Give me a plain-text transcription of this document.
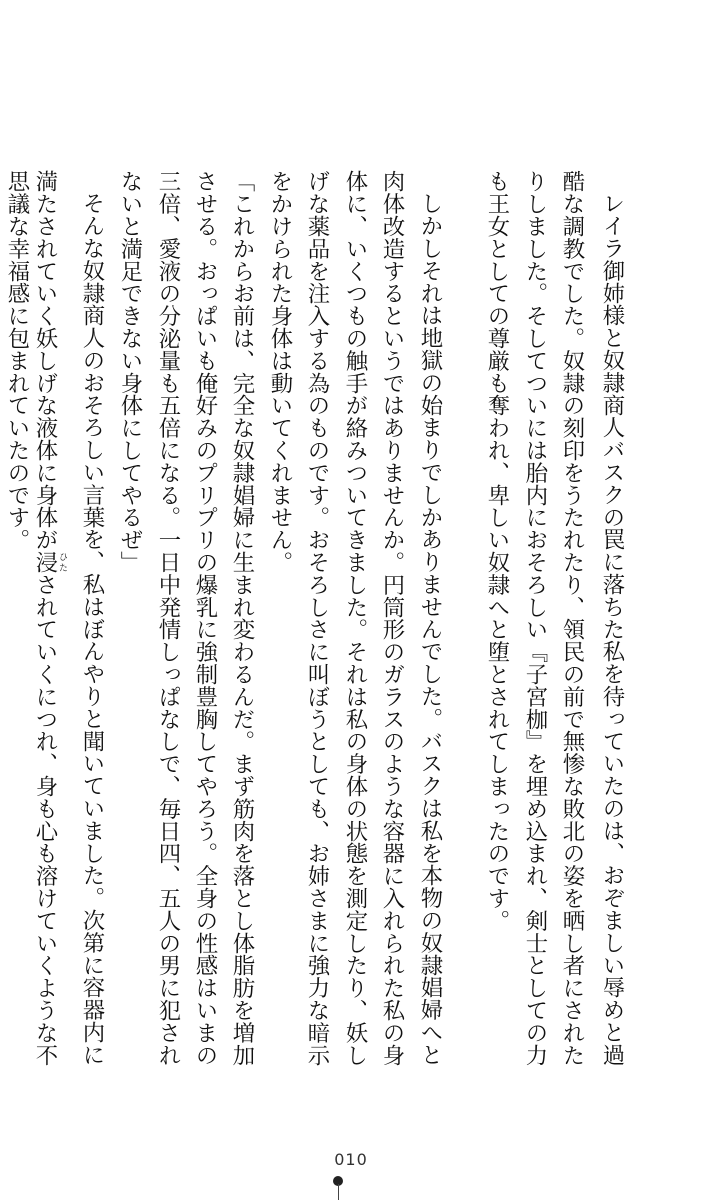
レイラ御姉様と奴隷商人バスクの罠に落ちた私を待っていたのは、おぞましい辱めと過
酷な調教でした。奴隷の刻印をうたれたり、領民の前で無惨な敗北の姿を晒し者にされた
りしました。そしてついには胎内におそろしい『子宮枷』を埋め込まれ、剣士としての力
も王女としての尊厳も奪われ、卑しい奴隷へと堕とされてしまったのです。
しかしそれは地獄の始まりでしかありませんでした。バスクは私を本物の奴隷娼婦へと
肉体改造するというではありませんか。円筒形のガラスのような容器に入れられた私の身
体に、いくつもの触手が絡みついてきました。それは私の身体の状態を測定したり、妖し
げな薬品を注入する為のものです。おそろしさに叫ぼうとしても、お姉さまに強力な暗示
をかけられた身体は動いてくれません。
「これからお前は、完全な奴隷娼婦に生まれ変わるんだ。まず筋肉を落とし体脂肪を増加
させる。おっぱいも俺好みのプリプリの爆乳に強制豊胸してやろう。全身の性感はいまの
三倍、愛液の分泌量も五倍になる。一日中発情しっぱなしで、毎日四、五人の男に犯され
ないと満足できない身体にしてやるぜ」
そんな奴隷商人のおそろしい言葉を、私はぼんやりと聞いていました。次第に容器内に
満たされていく妖しげな液体に身体が浸 ひたされていくにつれ、身も心も溶けていくような不
思議な幸福感に包まれていたのです。
010
